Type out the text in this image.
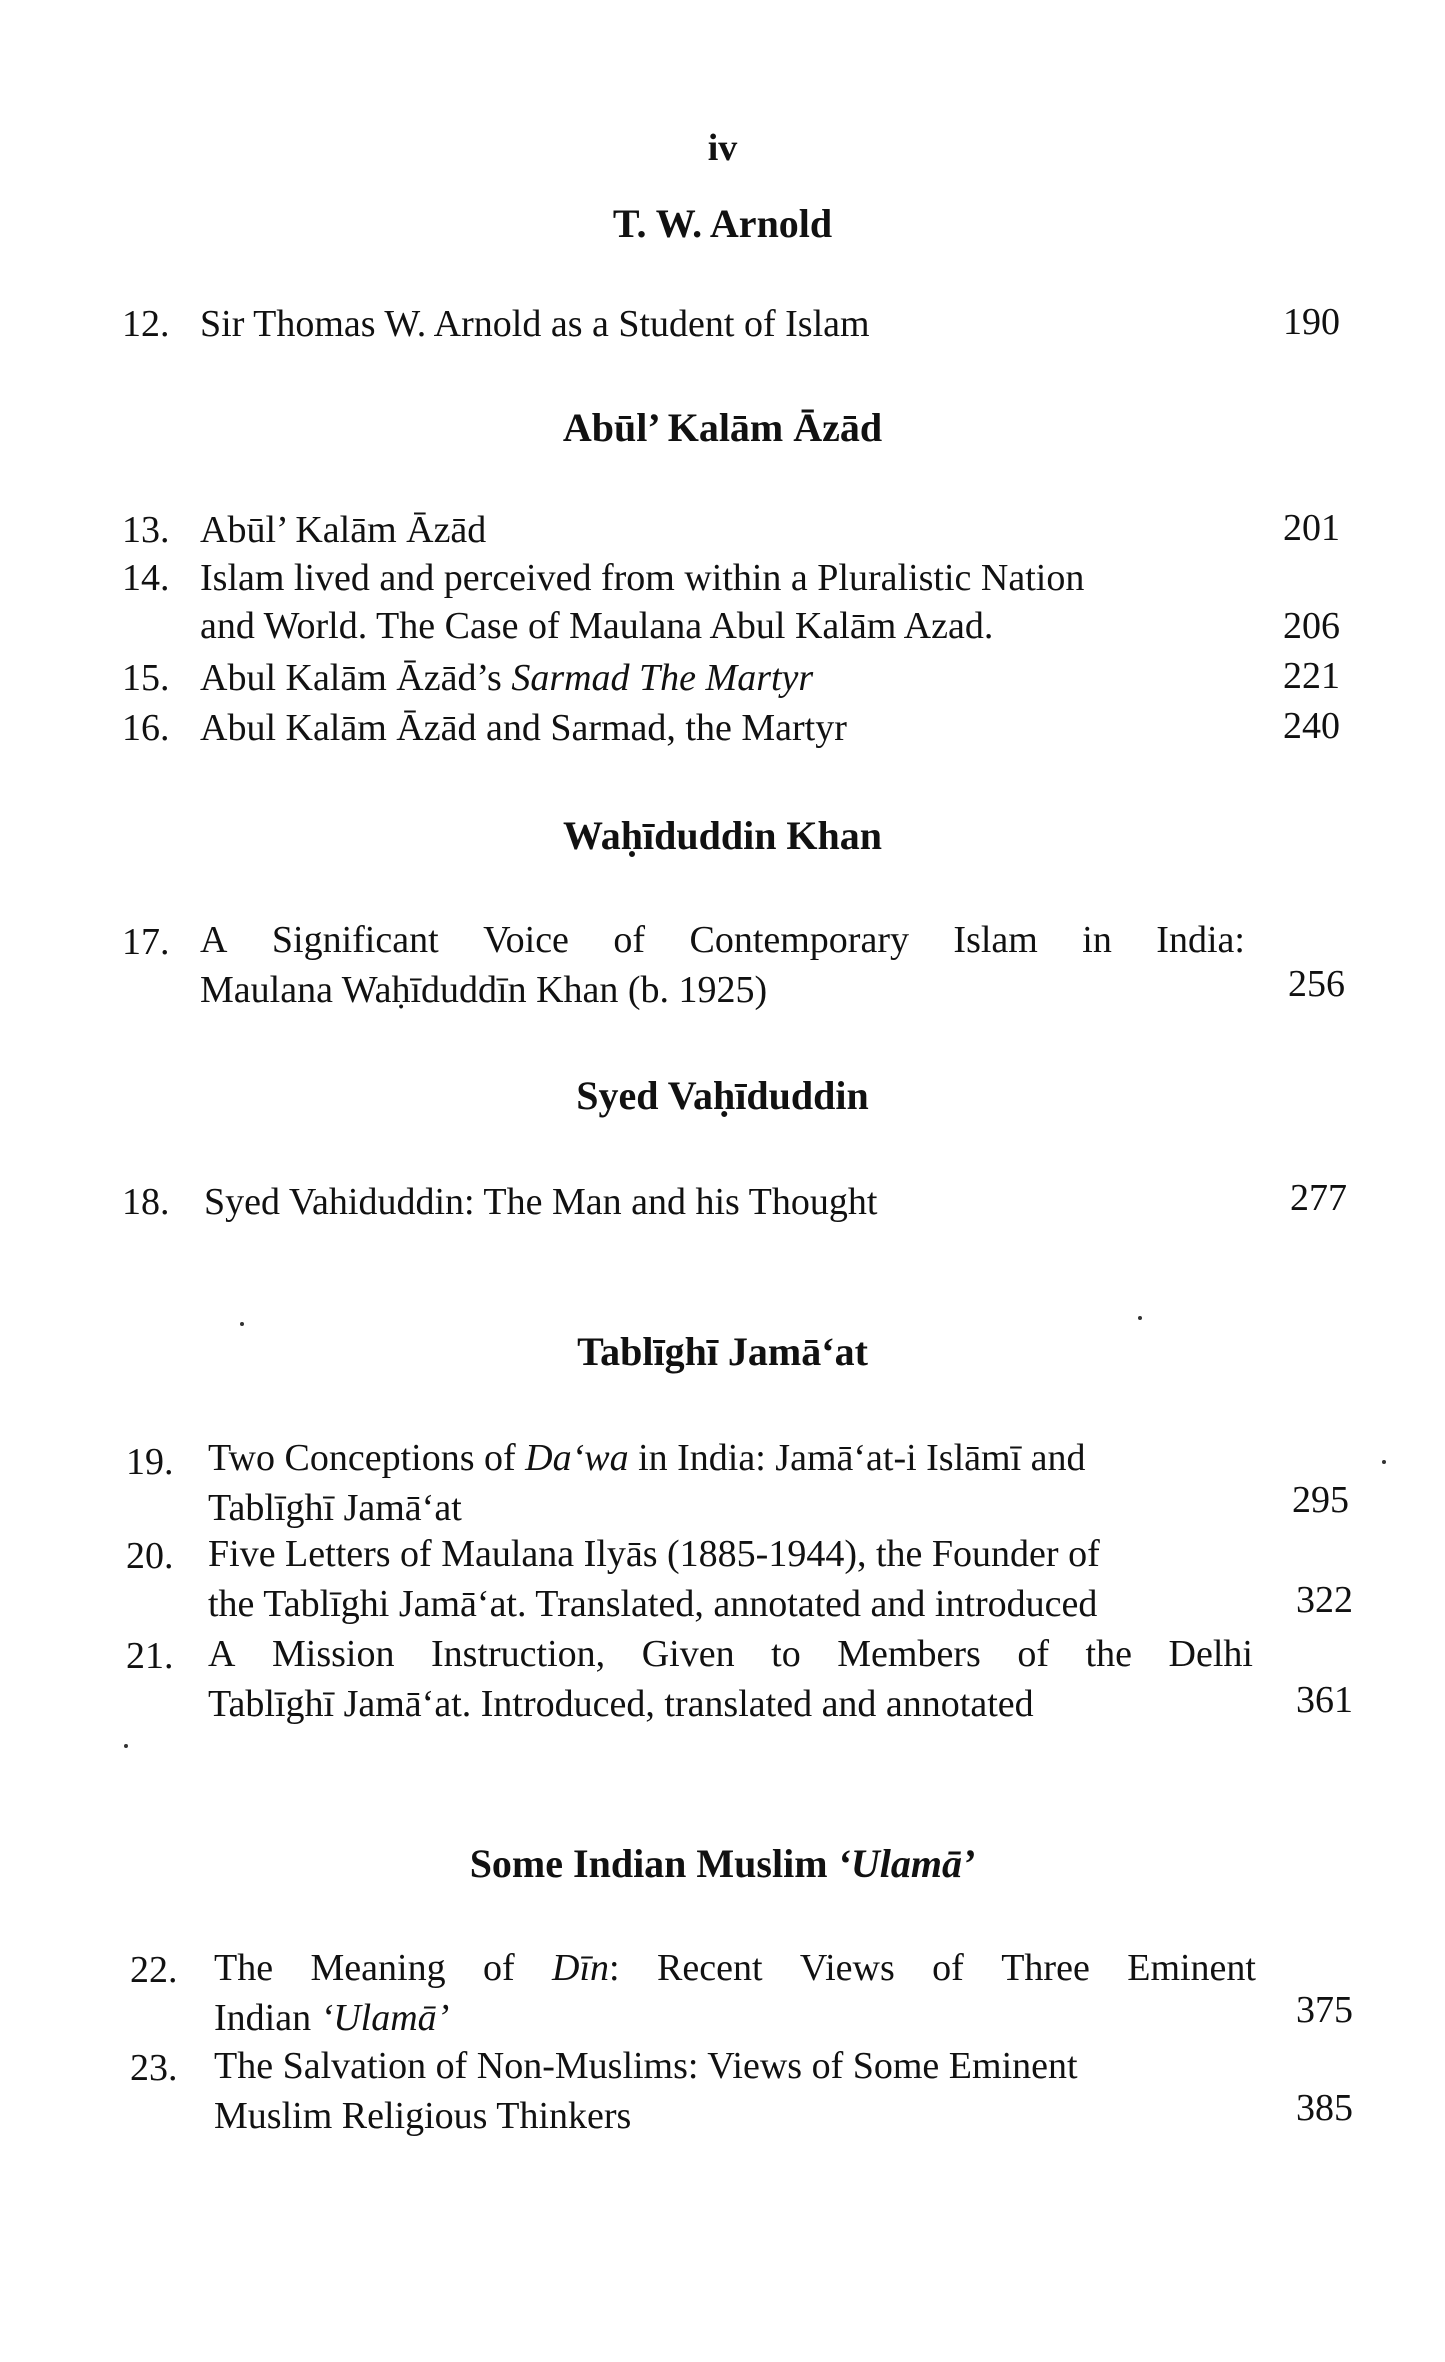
iv
T. W. Arnold
12. Sir Thomas W. Arnold as a Student of Islam	190
Abūl’ Kalām Āzād
13. Abūl’ Kalām Āzād	201
14. Islam lived and perceived from within a Pluralistic Nation
and World. The Case of Maulana Abul Kalām Azad.	206
15. Abul Kalām Āzād’s Sarmad The Martyr	221
16. Abul Kalām Āzād and Sarmad, the Martyr	240
Waḥīduddin Khan
17. A Significant Voice of Contemporary Islam in India:
Maulana Waḥīduddīn Khan (b. 1925)	256
Syed Vaḥīduddin
18. Syed Vahiduddin: The Man and his Thought	277
Tablīghī Jamā‘at
19. Two Conceptions of Da‘wa in India: Jamā‘at-i Islāmī and
Tablīghī Jamā‘at	295
20. Five Letters of Maulana Ilyās (1885-1944), the Founder of
the Tablīghi Jamā‘at. Translated, annotated and introduced	322
21. A Mission Instruction, Given to Members of the Delhi
Tablīghī Jamā‘at. Introduced, translated and annotated	361
Some Indian Muslim ‘Ulamā’
22. The Meaning of Dīn: Recent Views of Three Eminent
Indian ‘Ulamā’	375
23. The Salvation of Non-Muslims: Views of Some Eminent
Muslim Religious Thinkers	385
